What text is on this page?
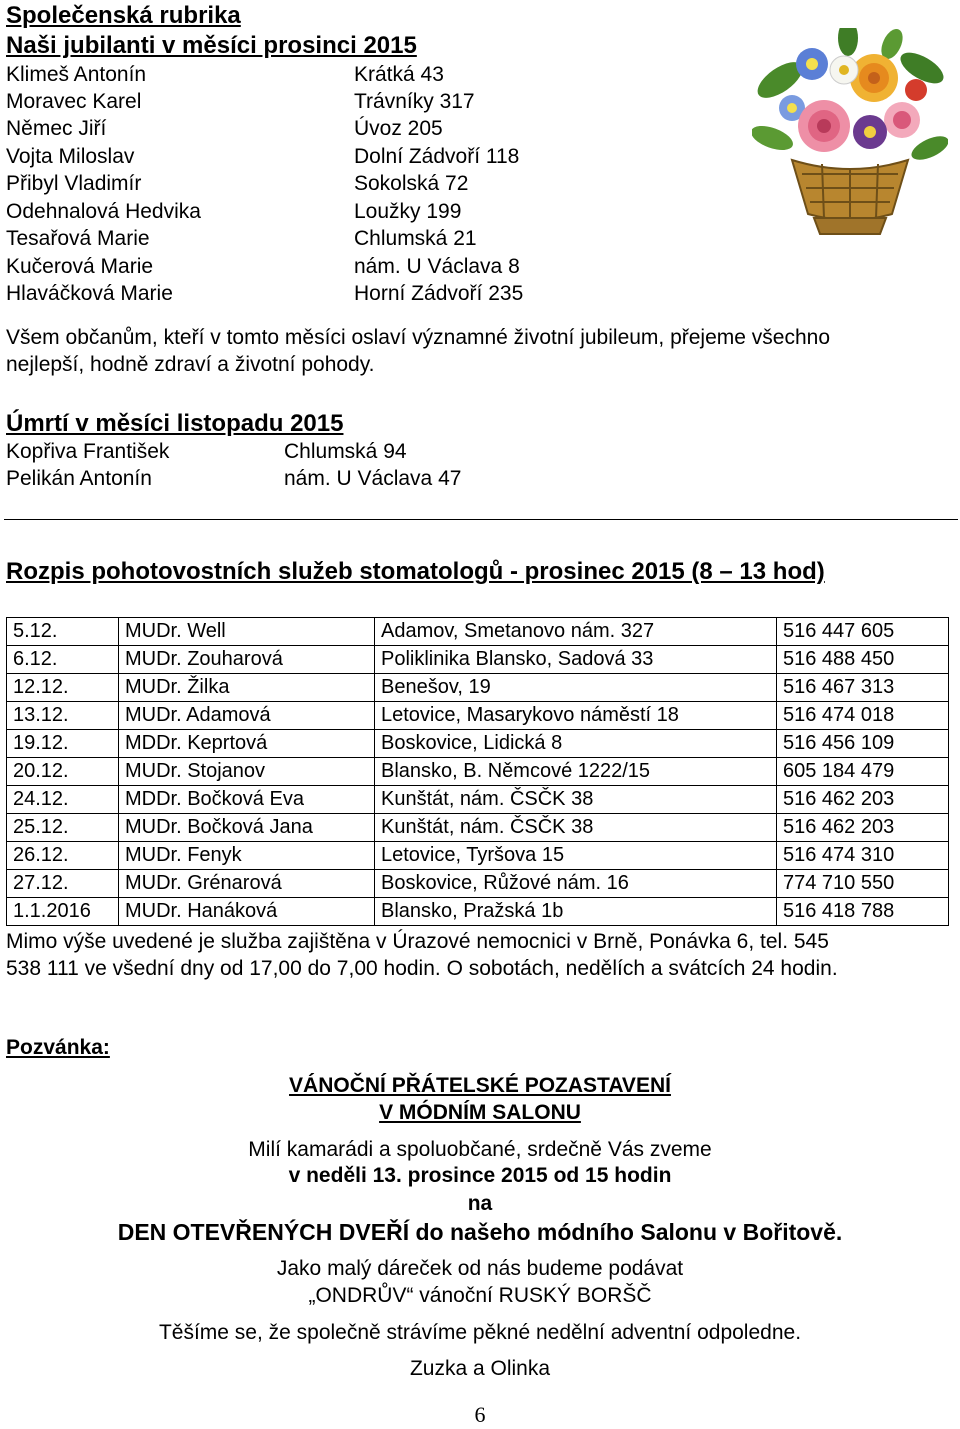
Společenská rubrika
Naši jubilanti v měsíci prosinci 2015
Klimeš Antonín	Krátká 43
Moravec Karel	Trávníky 317
Němec Jiří	Úvoz 205
Vojta Miloslav	Dolní Zádvoří 118
Přibyl Vladimír	Sokolská 72
Odehnalová Hedvika	Loužky 199
Tesařová Marie	Chlumská 21
Kučerová Marie	nám. U Václava 8
Hlaváčková Marie	Horní Zádvoří 235
Všem občanům, kteří v tomto měsíci oslaví významné životní jubileum, přejeme všechno
nejlepší, hodně zdraví a životní pohody.
Úmrtí v měsíci listopadu 2015
Kopřiva František	Chlumská 94
Pelikán Antonín	nám. U Václava 47
Rozpis pohotovostních služeb stomatologů - prosinec 2015 (8 – 13 hod)
5.12.	MUDr. Well	Adamov, Smetanovo nám. 327	516 447 605
6.12.	MUDr. Zouharová	Poliklinika Blansko, Sadová 33	516 488 450
12.12.	MUDr. Žilka	Benešov, 19	516 467 313
13.12.	MUDr. Adamová	Letovice, Masarykovo náměstí 18	516 474 018
19.12.	MDDr. Keprtová	Boskovice, Lidická 8	516 456 109
20.12.	MUDr. Stojanov	Blansko, B. Němcové 1222/15	605 184 479
24.12.	MDDr. Bočková Eva	Kunštát, nám. ČSČK 38	516 462 203
25.12.	MUDr. Bočková Jana	Kunštát, nám. ČSČK 38	516 462 203
26.12.	MUDr. Fenyk	Letovice, Tyršova 15	516 474 310
27.12.	MUDr. Grénarová	Boskovice, Růžové nám. 16	774 710 550
1.1.2016	MUDr. Hanáková	Blansko, Pražská 1b	516 418 788
Mimo výše uvedené je služba zajištěna v Úrazové nemocnici v Brně, Ponávka 6, tel. 545
538 111 ve všední dny od 17,00 do 7,00 hodin. O sobotách, nedělích a svátcích 24 hodin.
Pozvánka:
VÁNOČNÍ PŘÁTELSKÉ POZASTAVENÍ
V MÓDNÍM SALONU
Milí kamarádi a spoluobčané, srdečně Vás zveme
v neděli 13. prosince 2015 od 15 hodin
na
DEN OTEVŘENÝCH DVEŘÍ do našeho módního Salonu v Bořitově.
Jako malý dáreček od nás budeme podávat
„ONDRŮV“ vánoční RUSKÝ BORŠČ
Těšíme se, že společně strávíme pěkné nedělní adventní odpoledne.
Zuzka a Olinka
6
